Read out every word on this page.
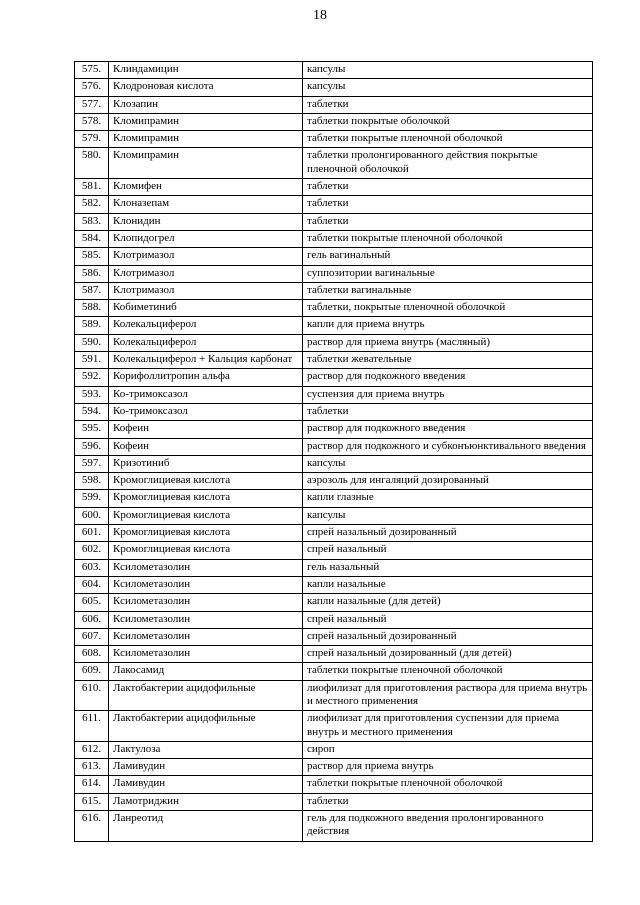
18
575.	Клиндамицин	капсулы
576.	Клодроновая кислота	капсулы
577.	Клозапин	таблетки
578.	Кломипрамин	таблетки покрытые оболочкой
579.	Кломипрамин	таблетки покрытые пленочной оболочкой
580.	Кломипрамин	таблетки пролонгированного действия покрытые пленочной оболочкой
581.	Кломифен	таблетки
582.	Клоназепам	таблетки
583.	Клонидин	таблетки
584.	Клопидогрел	таблетки покрытые пленочной оболочкой
585.	Клотримазол	гель вагинальный
586.	Клотримазол	суппозитории вагинальные
587.	Клотримазол	таблетки вагинальные
588.	Кобиметиниб	таблетки, покрытые пленочной оболочкой
589.	Колекальциферол	капли для приема внутрь
590.	Колекальциферол	раствор для приема внутрь (масляный)
591.	Колекальциферол + Кальция карбонат	таблетки жевательные
592.	Корифоллитропин альфа	раствор для подкожного введения
593.	Ко-тримоксазол	суспензия для приема внутрь
594.	Ко-тримоксазол	таблетки
595.	Кофеин	раствор для подкожного введения
596.	Кофеин	раствор для подкожного и субконъюнктивального введения
597.	Кризотиниб	капсулы
598.	Кромоглициевая кислота	аэрозоль для ингаляций дозированный
599.	Кромоглициевая кислота	капли глазные
600.	Кромоглициевая кислота	капсулы
601.	Кромоглициевая кислота	спрей назальный дозированный
602.	Кромоглициевая кислота	спрей назальный
603.	Ксилометазолин	гель назальный
604.	Ксилометазолин	капли назальные
605.	Ксилометазолин	капли назальные (для детей)
606.	Ксилометазолин	спрей назальный
607.	Ксилометазолин	спрей назальный дозированный
608.	Ксилометазолин	спрей назальный дозированный (для детей)
609.	Лакосамид	таблетки покрытые пленочной оболочкой
610.	Лактобактерии ацидофильные	лиофилизат для приготовления раствора для приема внутрь и местного применения
611.	Лактобактерии ацидофильные	лиофилизат для приготовления суспензии для приема внутрь и местного применения
612.	Лактулоза	сироп
613.	Ламивудин	раствор для приема внутрь
614.	Ламивудин	таблетки покрытые пленочной оболочкой
615.	Ламотриджин	таблетки
616.	Ланреотид	гель для подкожного введения пролонгированного действия
